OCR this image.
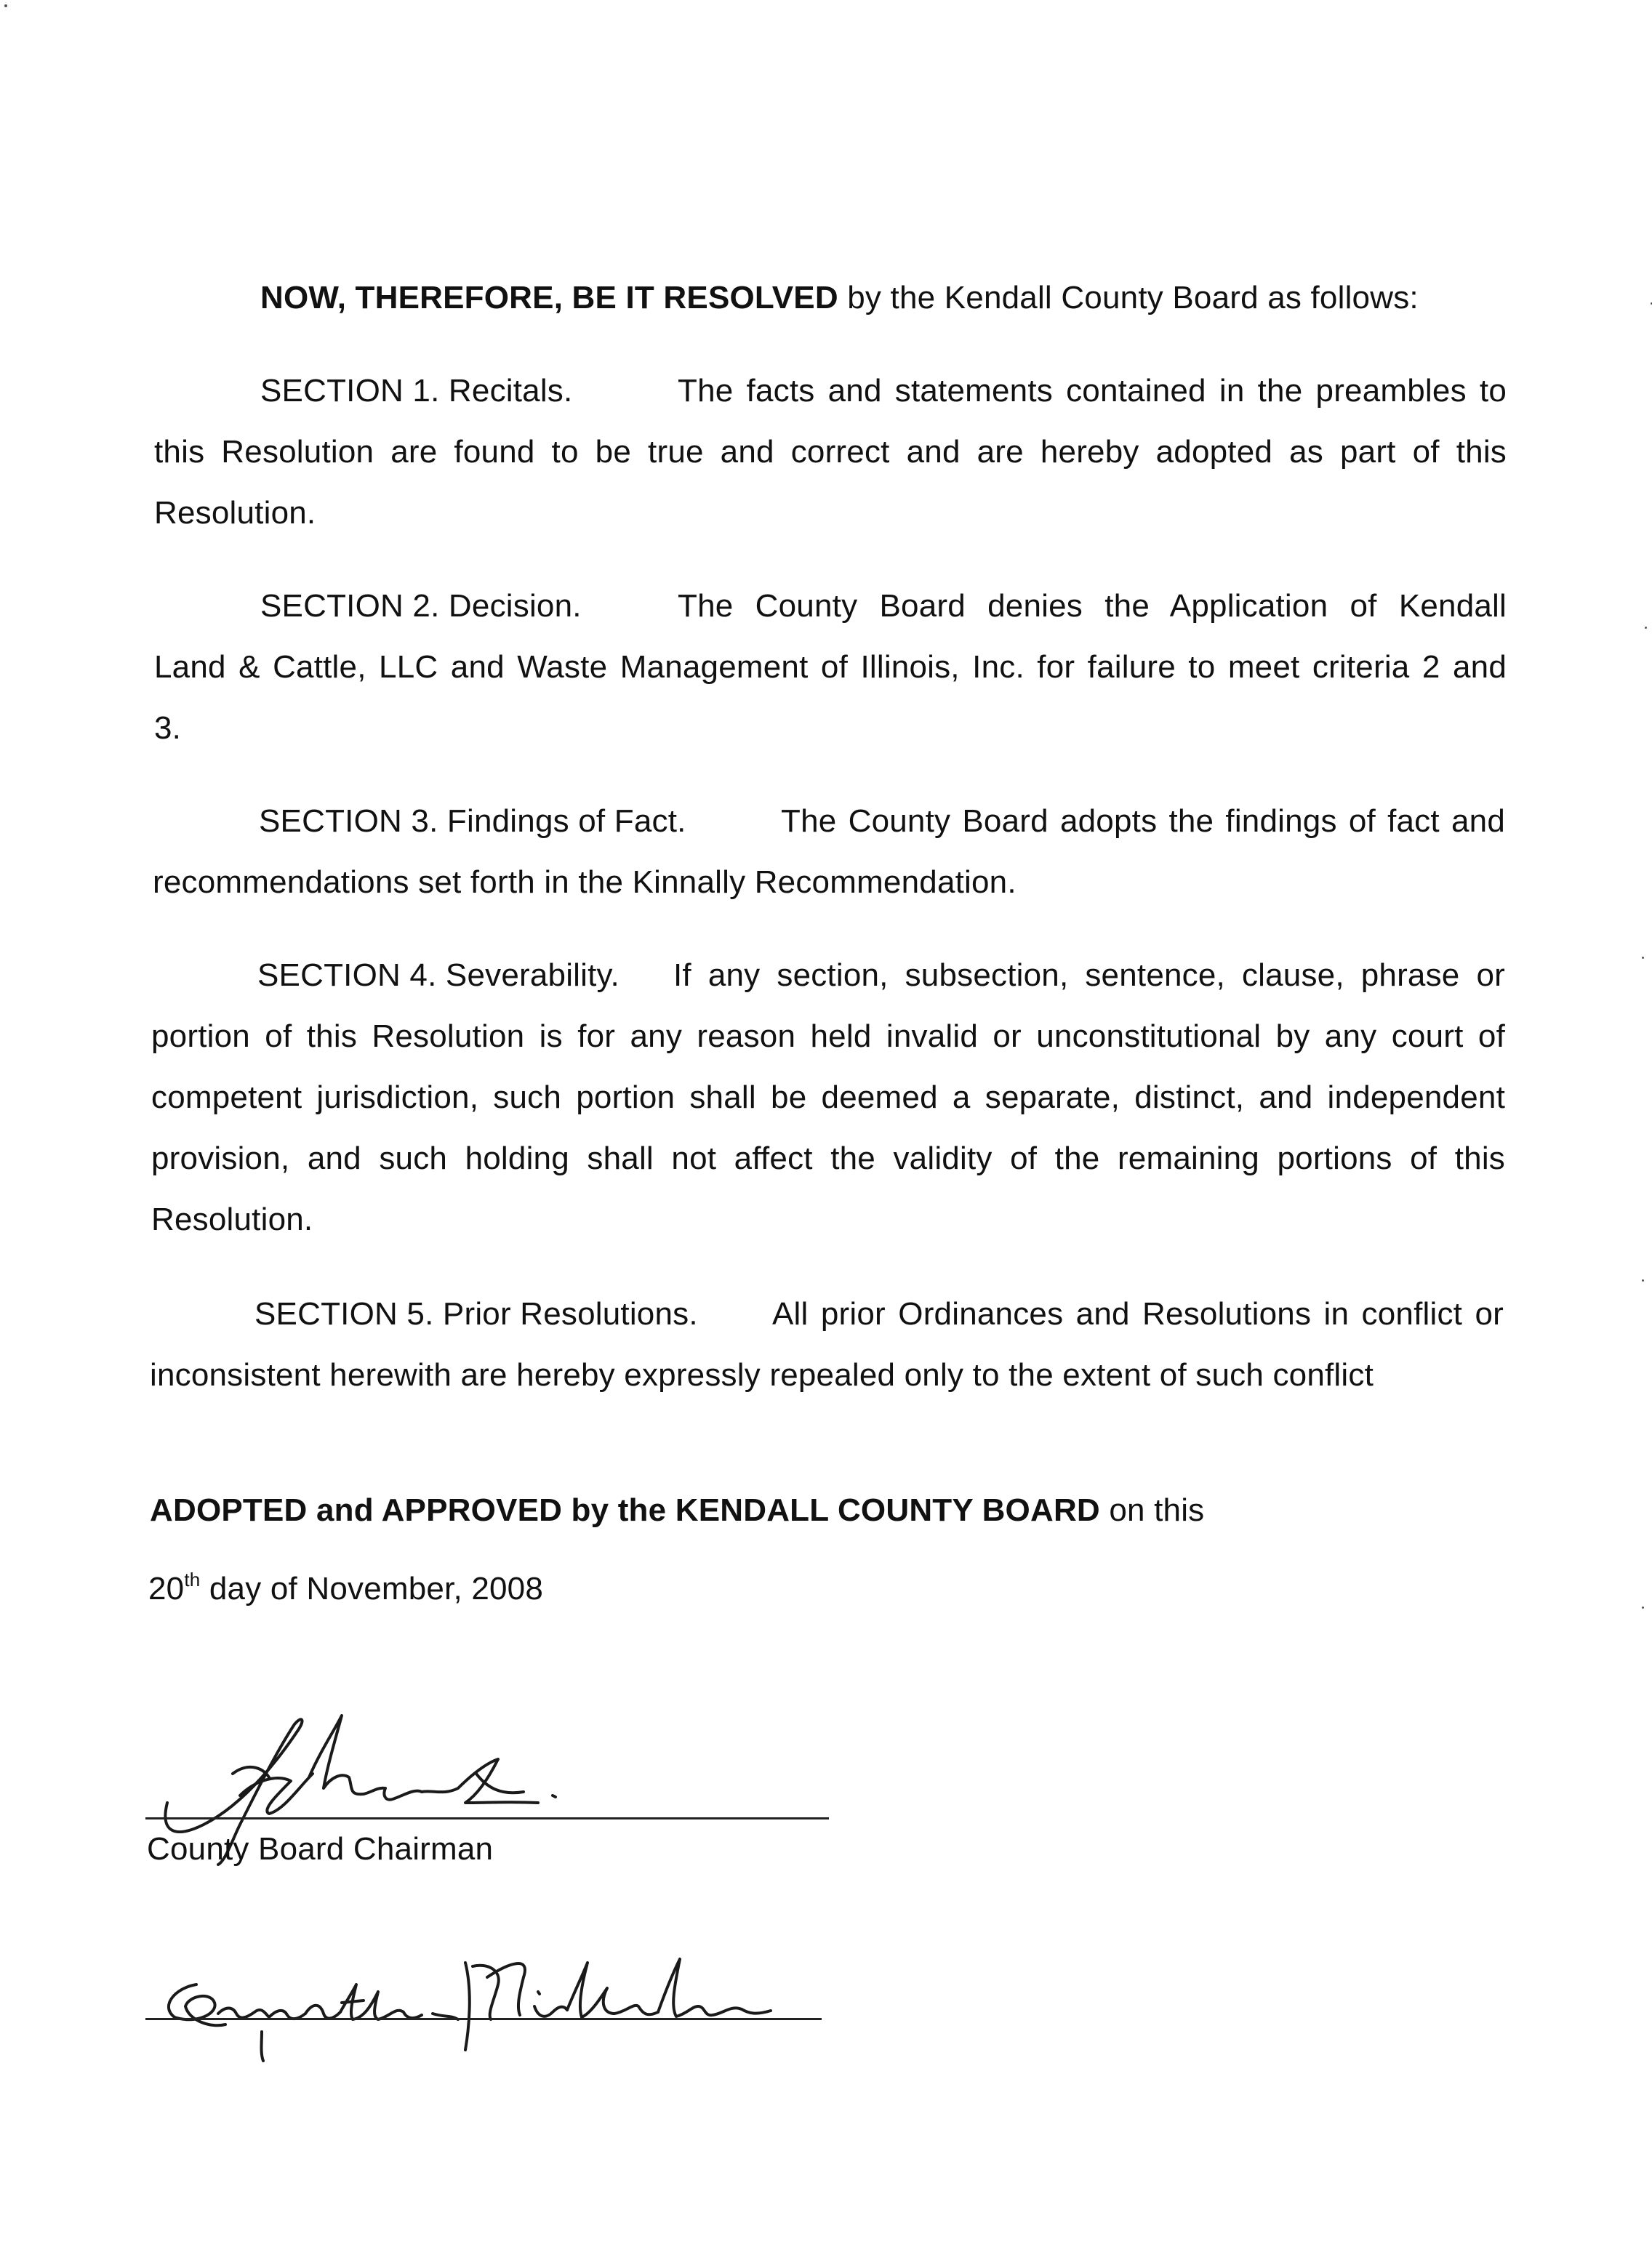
NOW, THEREFORE, BE IT RESOLVED by the Kendall County Board as follows:
SECTION 1. Recitals.	The facts and statements contained in the preambles to
this Resolution are found to be true and correct and are hereby adopted as part of this
Resolution.
SECTION 2. Decision.	The County Board denies the Application of Kendall
Land & Cattle, LLC and Waste Management of Illinois, Inc. for failure to meet criteria 2 and
3.
SECTION 3. Findings of Fact.	The County Board adopts the findings of fact and
recommendations set forth in the Kinnally Recommendation.
SECTION 4. Severability. If any section, subsection, sentence, clause, phrase or
portion of this Resolution is for any reason held invalid or unconstitutional by any court of
competent jurisdiction, such portion shall be deemed a separate, distinct, and independent
provision, and such holding shall not affect the validity of the remaining portions of this
Resolution.
SECTION 5. Prior Resolutions. All prior Ordinances and Resolutions in conflict or
inconsistent herewith are hereby expressly repealed only to the extent of such conflict
ADOPTED and APPROVED by the KENDALL COUNTY BOARD on this
20th day of November, 2008
County Board Chairman
